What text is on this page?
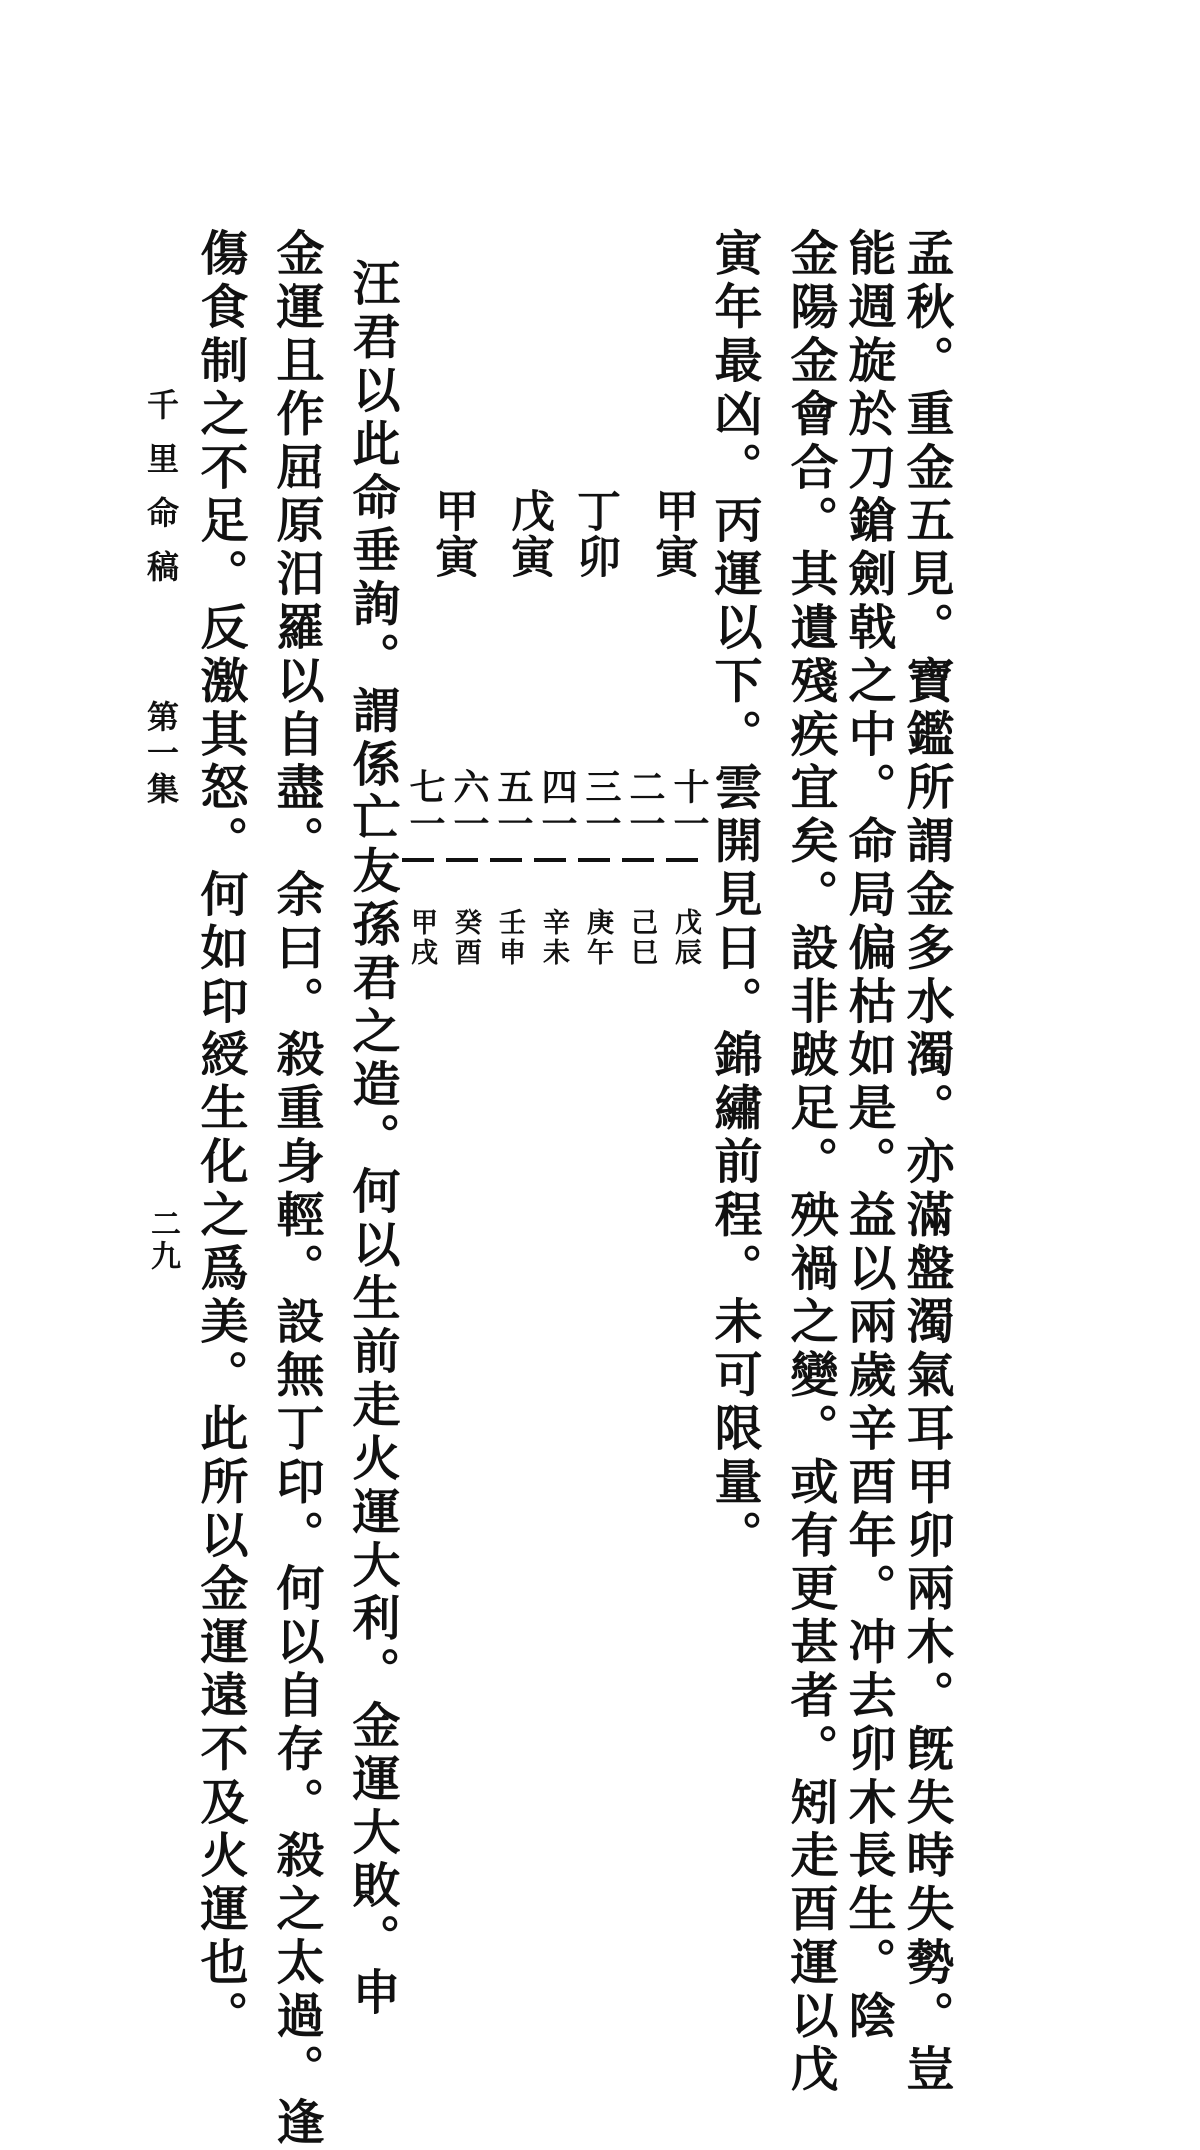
孟秋。重金五見。寶鑑所謂金多水濁。亦滿盤濁氣耳甲卯兩木。旣失時失勢。豈
能週旋於刀鎗劍戟之中。命局偏枯如是。益以兩歲辛酉年。冲去卯木長生。陰
金陽金會合。其遺殘疾宜矣。設非跛足。殃禍之變。或有更甚者。矧走酉運以戊
寅年最凶。丙運以下。雲開見日。錦繡前程。未可限量。
甲寅
丁卯
戊寅
甲寅
十一
二一
三一
四一
五一
六一
七一
戊辰
己巳
庚午
辛未
壬申
癸酉
甲戌
汪君以此命垂詢。謂係亡友孫君之造。何以生前走火運大利。金運大敗。申
金運且作屈原汨羅以自盡。余曰。殺重身輕。設無丁印。何以自存。殺之太過。逢
傷食制之不足。反激其怒。何如印綬生化之爲美。此所以金運遠不及火運也。
千里命稿
第一集
二九
